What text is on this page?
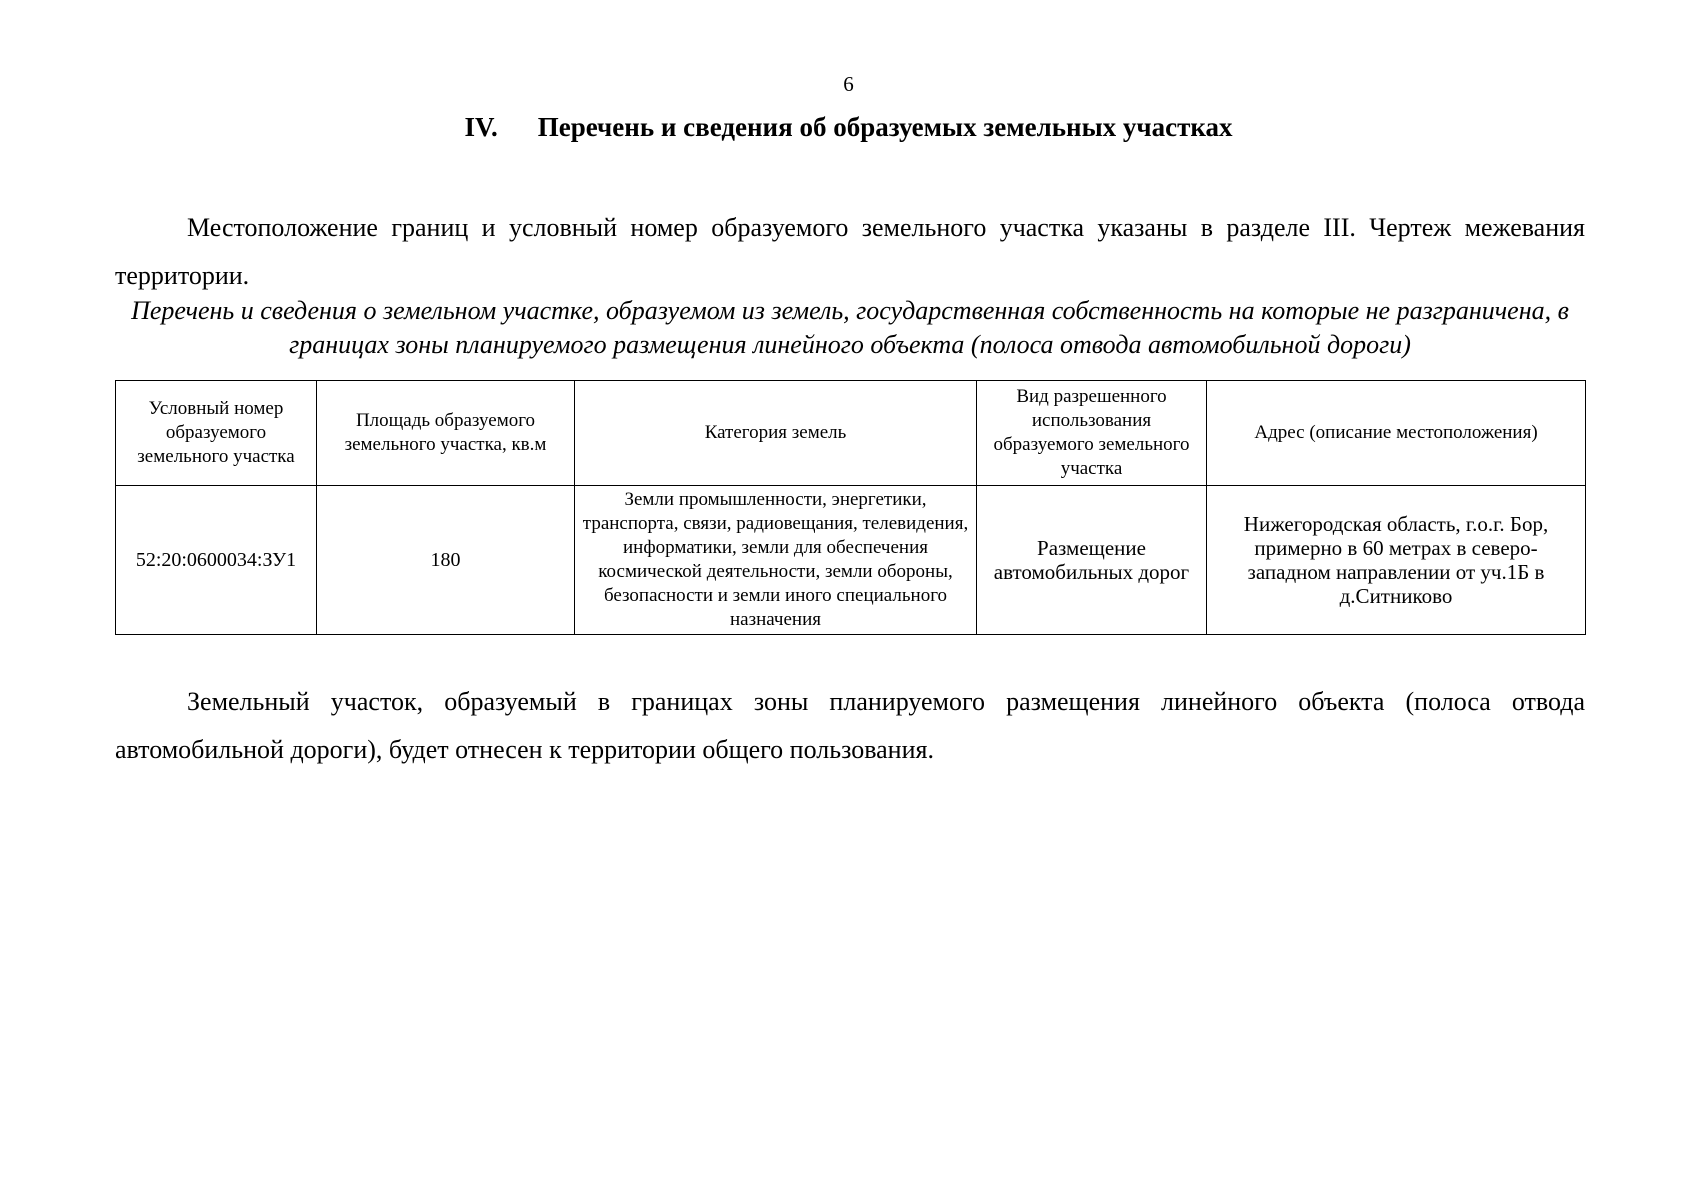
6
IV. Перечень и сведения об образуемых земельных участках

Местоположение границ и условный номер образуемого земельного участка указаны в разделе III. Чертеж межевания территории.

Перечень и сведения о земельном участке, образуемом из земель, государственная собственность на которые не разграничена, в границах зоны планируемого размещения линейного объекта (полоса отвода автомобильной дороги)
Условный номер образуемого земельного участка	Площадь образуемого земельного участка, кв.м	Категория земель	Вид разрешенного использования образуемого земельного участка	Адрес (описание местоположения)
52:20:0600034:ЗУ1	180	Земли промышленности, энергетики, транспорта, связи, радиовещания, телевидения, информатики, земли для обеспечения космической деятельности, земли обороны, безопасности и земли иного специального назначения	Размещение автомобильных дорог	Нижегородская область, г.о.г. Бор, примерно в 60 метрах в северо-западном направлении от уч.1Б в д.Ситниково

Земельный участок, образуемый в границах зоны планируемого размещения линейного объекта (полоса отвода автомобильной дороги), будет отнесен к территории общего пользования.
